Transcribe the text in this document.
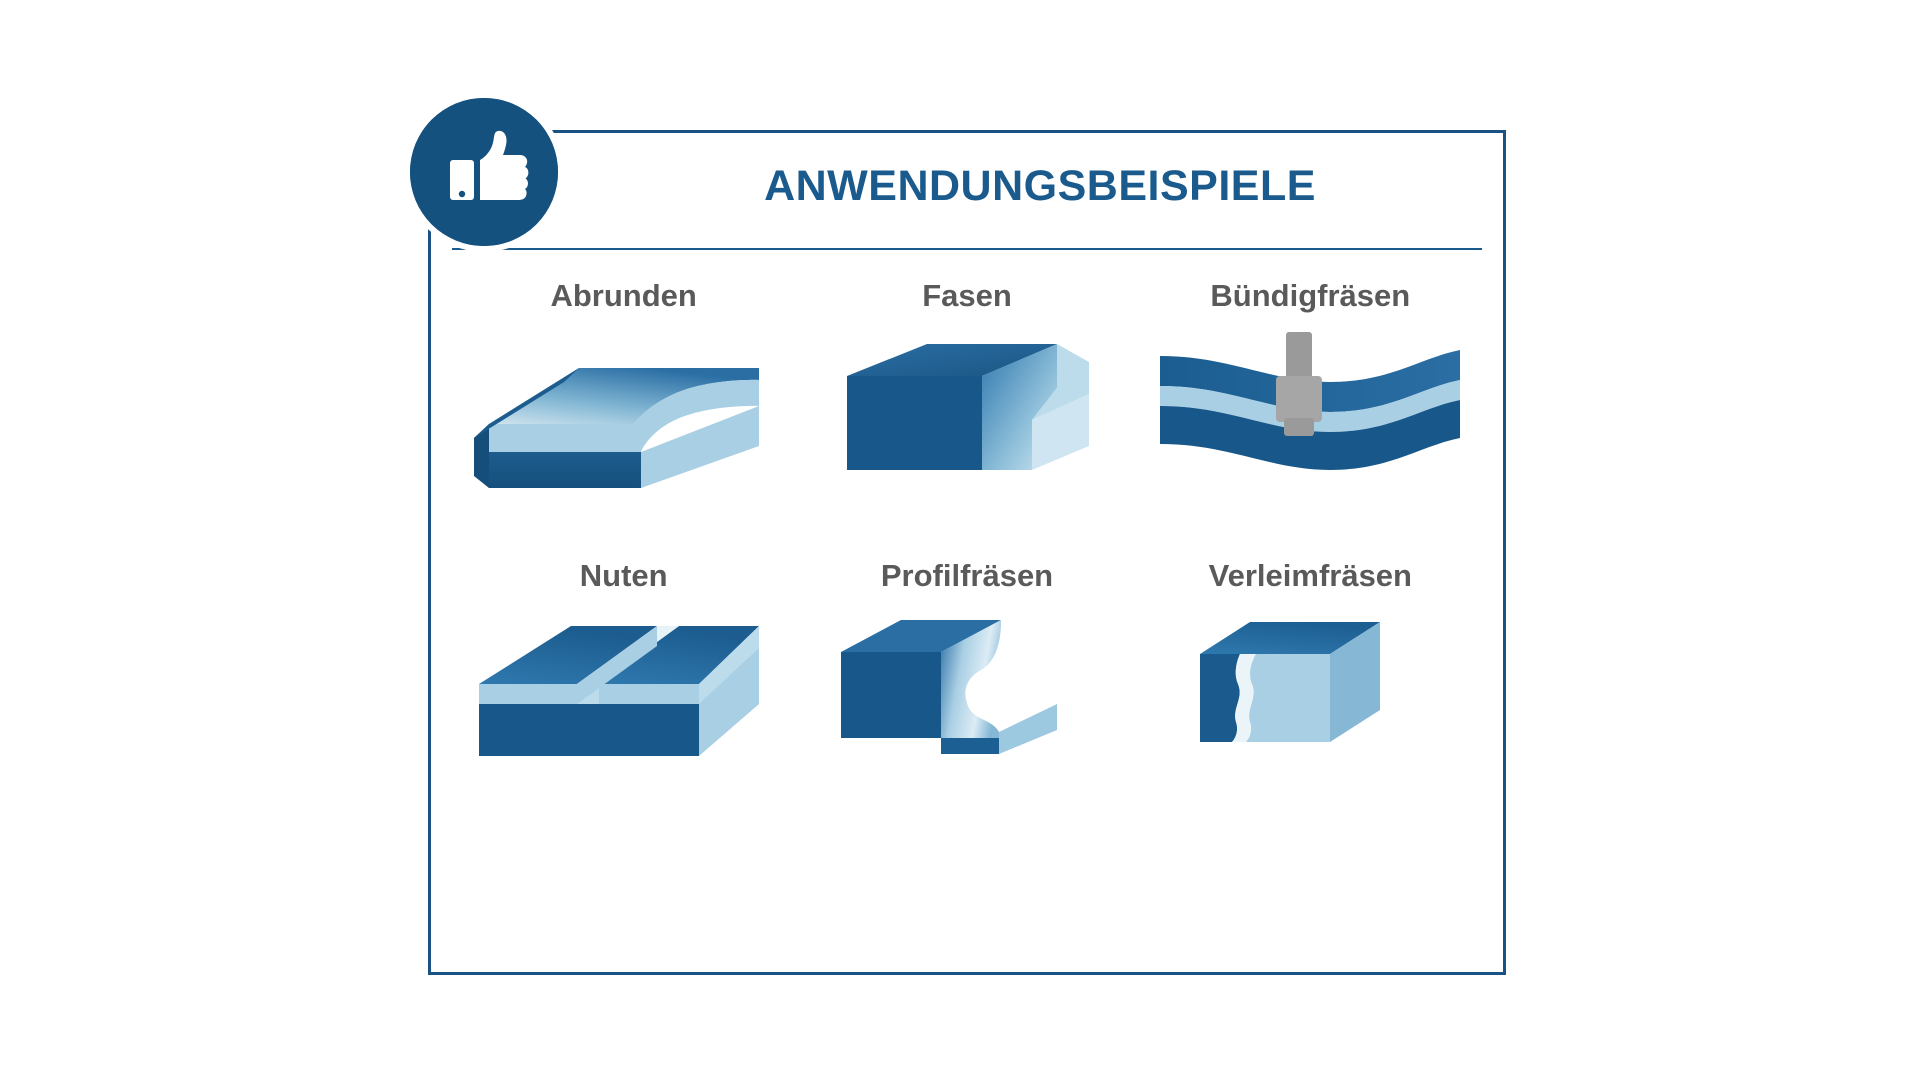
ANWENDUNGSBEISPIELE
Abrunden	Fasen	Bündigfräsen
Nuten	Profilfräsen	Verleimfräsen
